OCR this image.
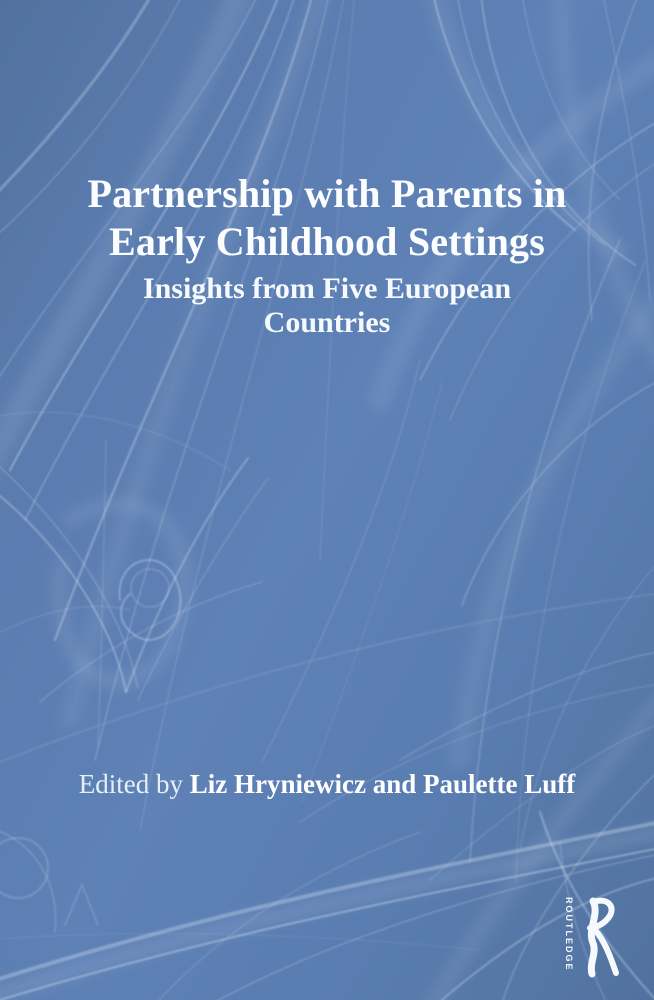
Partnership with Parents in
Early Childhood Settings
Insights from Five European
Countries
Edited by Liz Hryniewicz and Paulette Luff
ROUTLEDGE
